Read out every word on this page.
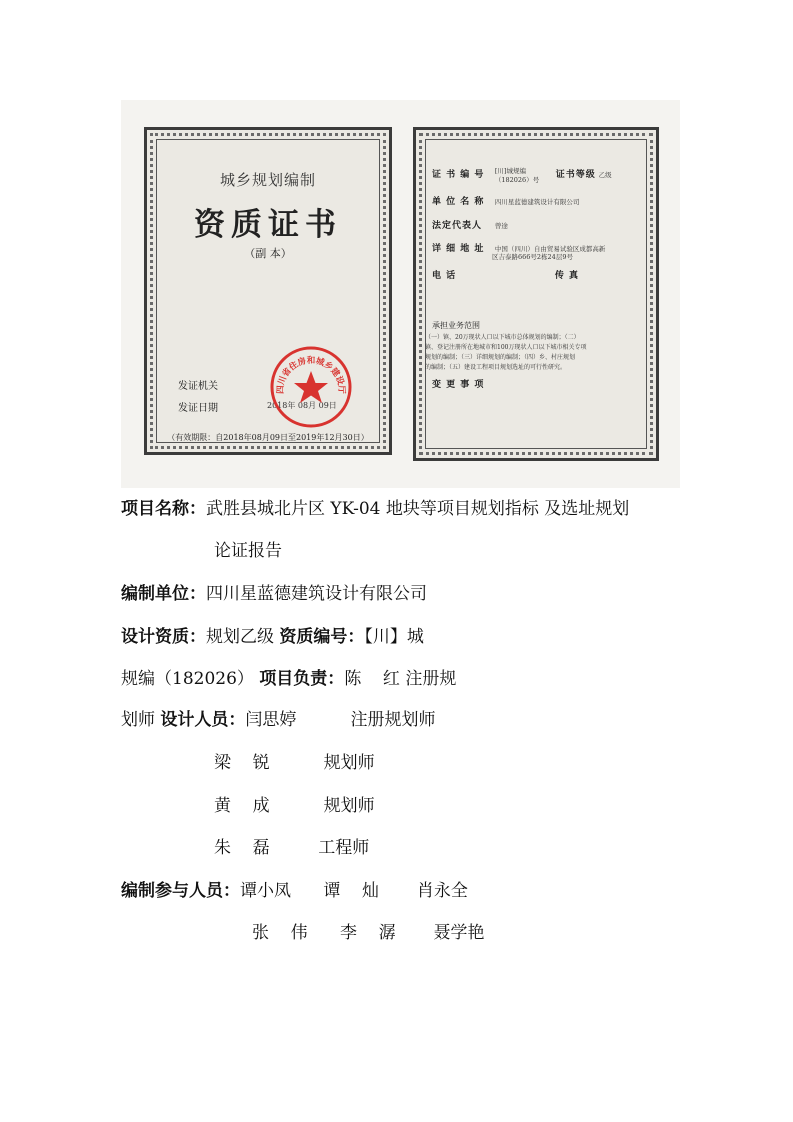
城乡规划编制
资质证书
（副 本）
发证机关
发证日期	2018年 08月 09日
四川省住房和城乡建设厅
（有效期限：自2018年08月09日至2019年12月30日）
证 书 编 号 [川]城规编（182026）号 证书等级 乙级
单 位 名 称 四川星蓝德建筑设计有限公司
法定代表人 曾途
详 细 地 址 中国（四川）自由贸易试验区成都高新
区吉泰路666号2栋24层9号
电 话	传 真
承担业务范围
（一）镇、20万现状人口以下城市总体规划的编制；（二）
镇、登记注册所在地城市和100万现状人口以下城市相关专项
规划的编制；（三）详细规划的编制；（四）乡、村庄规划
的编制；（五）建设工程项目规划选址的可行性研究。
变 更 事 项
项目名称：武胜县城北片区 YK-04 地块等项目规划指标 及选址规划
论证报告
编制单位：四川星蓝德建筑设计有限公司
设计资质：规划乙级 资质编号：【川】城
规编（182026） 项目负责：陈    红 注册规
划师 设计人员：闫思婷          注册规划师
梁    锐          规划师
黄    成          规划师
朱    磊         工程师
编制参与人员：谭小凤      谭    灿       肖永全
张    伟      李    潺       聂学艳
